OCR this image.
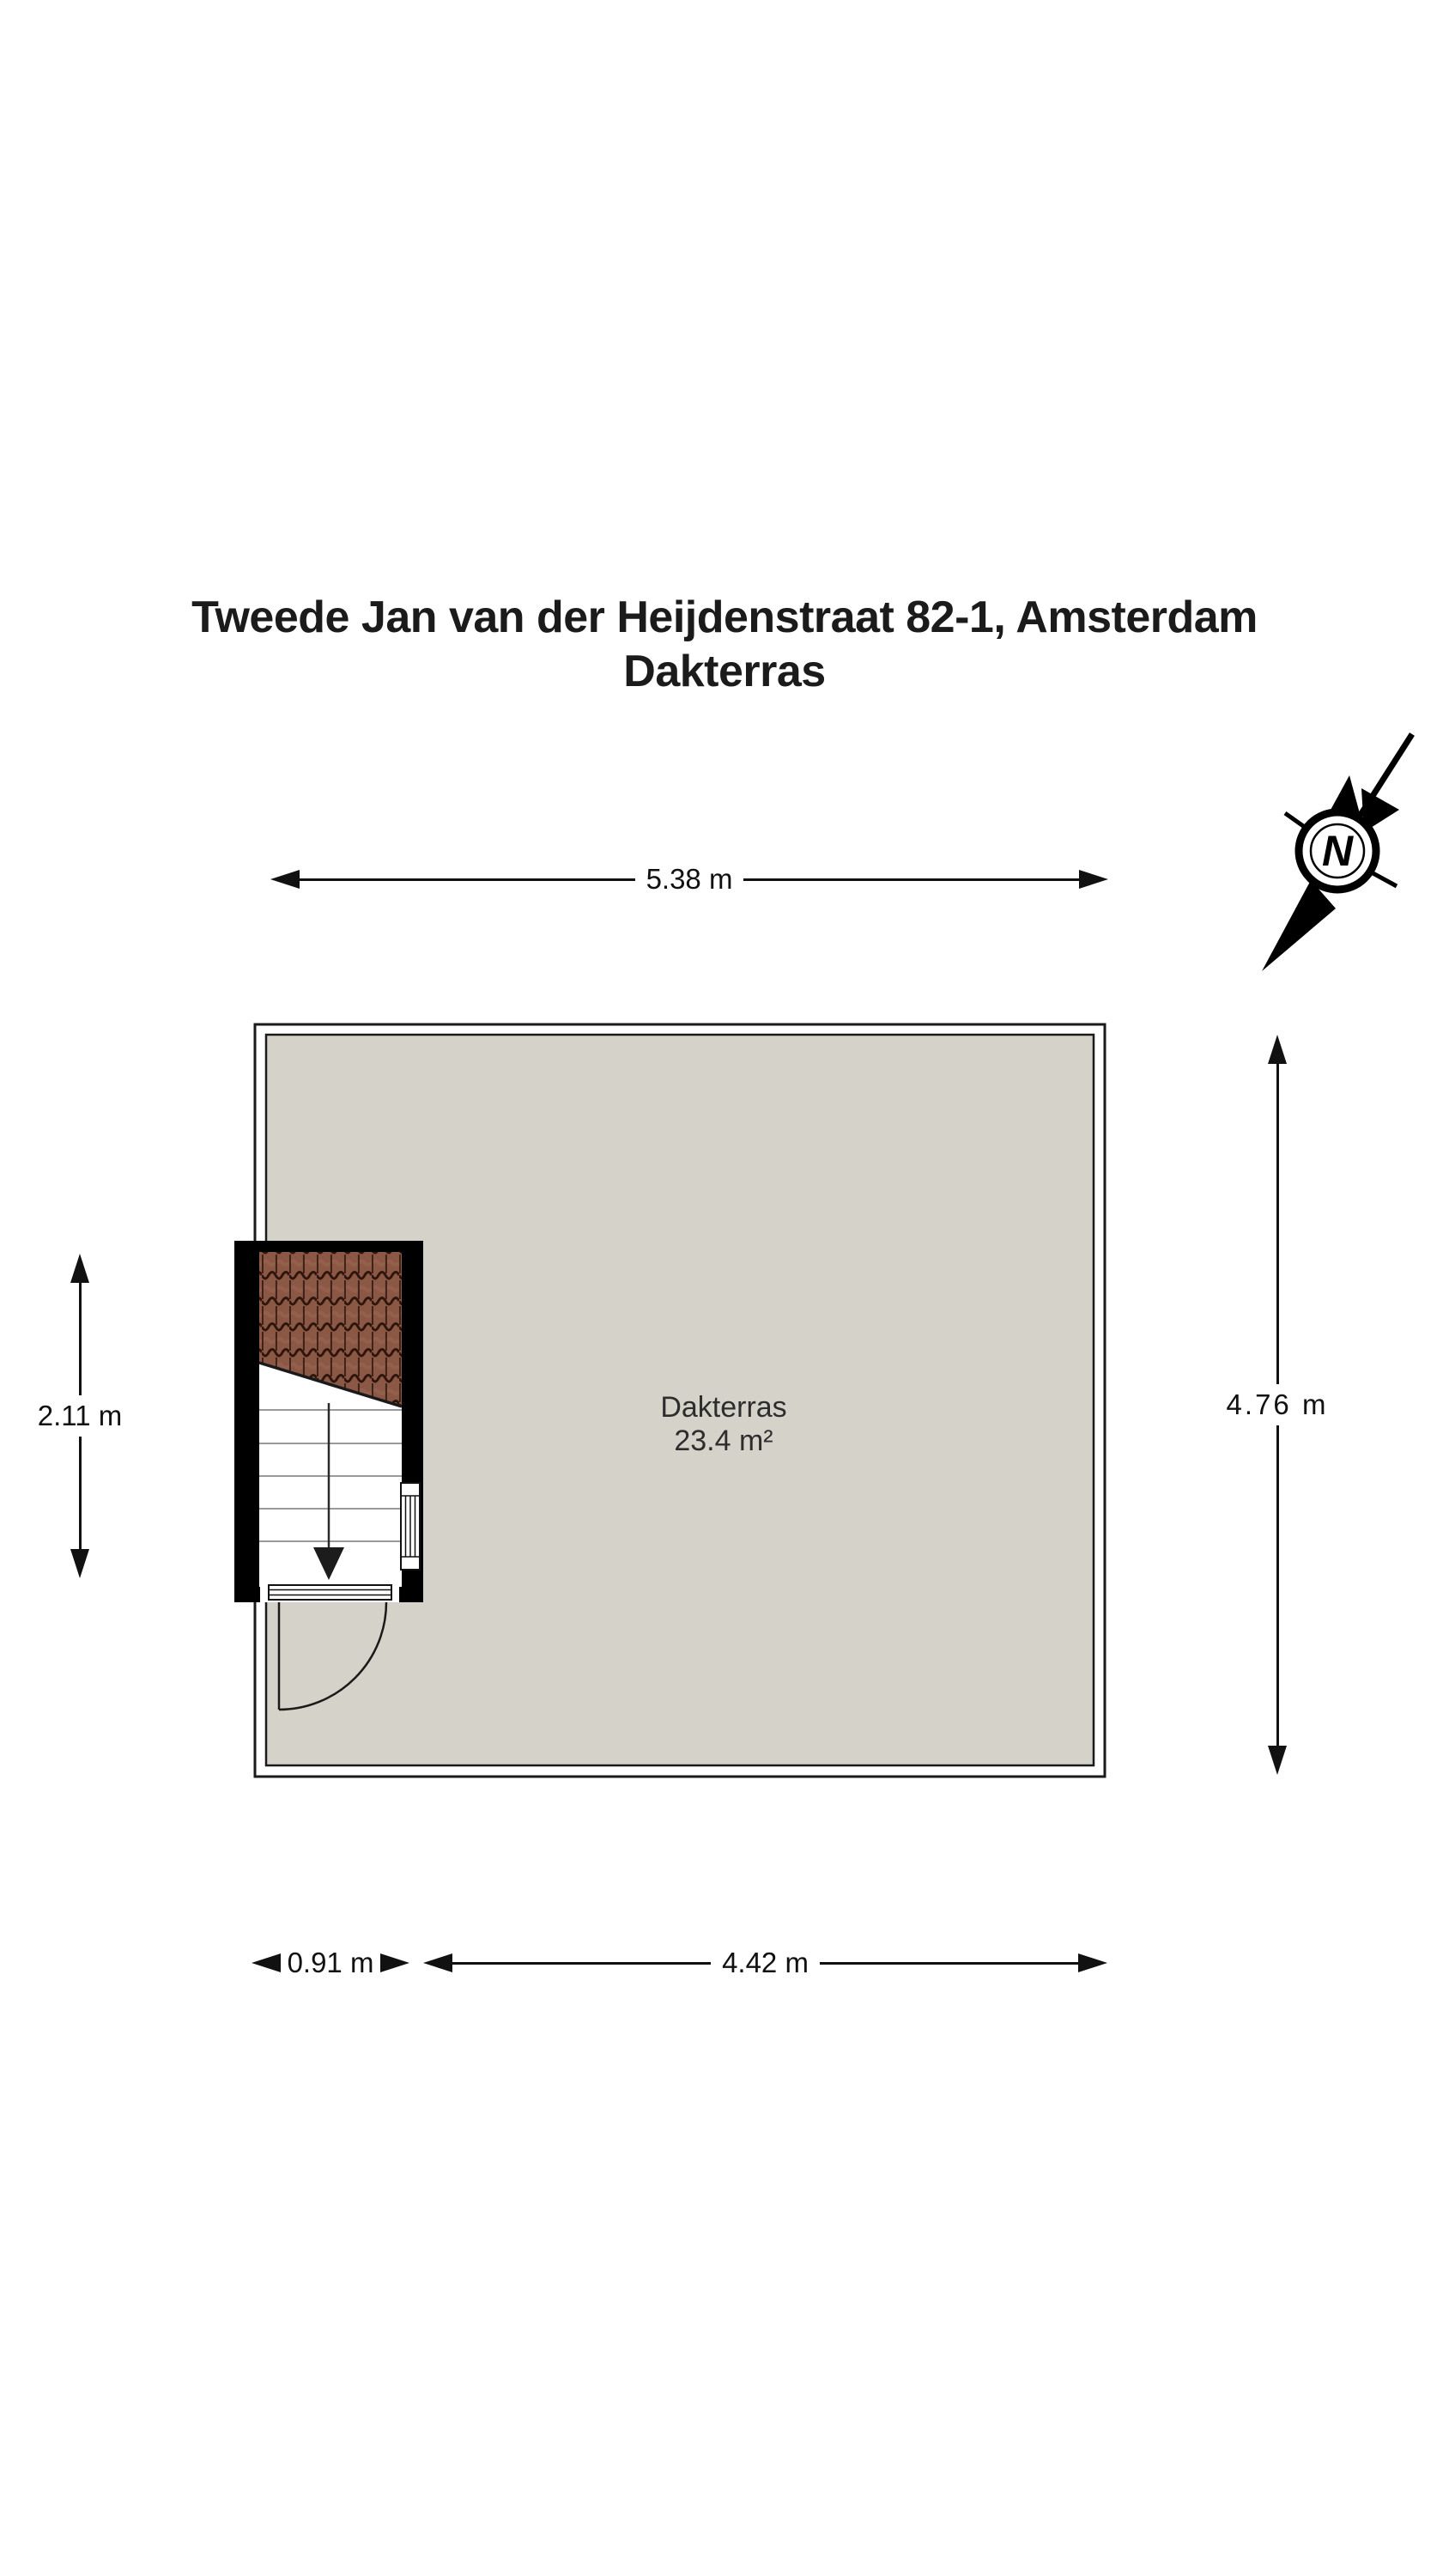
Tweede Jan van der Heijdenstraat 82-1, Amsterdam
Dakterras
N
Dakterras
23.4 m²
5.38 m
2.11 m	4.76 m
0.91 m	4.42 m
